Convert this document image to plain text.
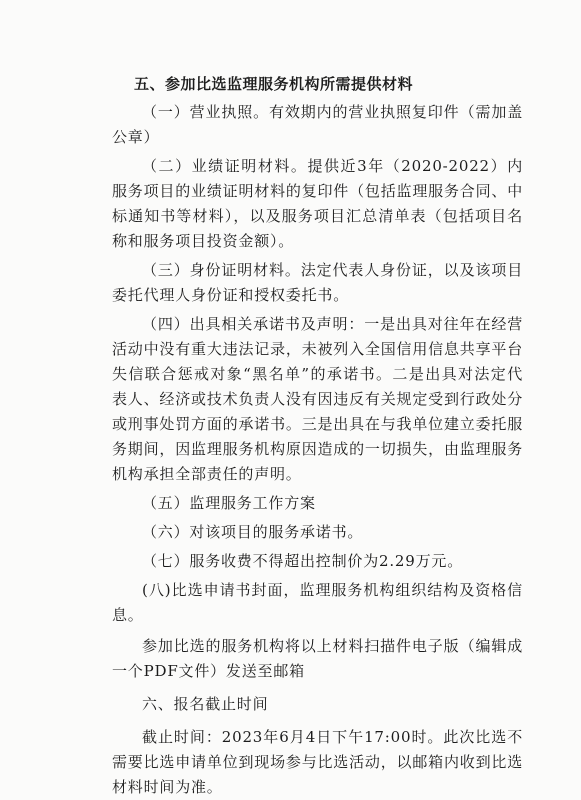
五、参加比选监理服务机构所需提供材料

（一）营业执照。有效期内的营业执照复印件（需加盖公章）

（二）业绩证明材料。提供近3年（2020-2022）内服务项目的业绩证明材料的复印件（包括监理服务合同、中标通知书等材料），以及服务项目汇总清单表（包括项目名称和服务项目投资金额）。

（三）身份证明材料。法定代表人身份证，以及该项目委托代理人身份证和授权委托书。

（四）出具相关承诺书及声明：一是出具对往年在经营活动中没有重大违法记录，未被列入全国信用信息共享平台失信联合惩戒对象“黑名单”的承诺书。二是出具对法定代表人、经济或技术负责人没有因违反有关规定受到行政处分或刑事处罚方面的承诺书。三是出具在与我单位建立委托服务期间，因监理服务机构原因造成的一切损失，由监理服务机构承担全部责任的声明。

（五）监理服务工作方案

（六）对该项目的服务承诺书。

（七）服务收费不得超出控制价为2.29万元。

(八)比选申请书封面，监理服务机构组织结构及资格信息。

参加比选的服务机构将以上材料扫描件电子版（编辑成一个PDF文件）发送至邮箱

六、报名截止时间

截止时间：2023年6月4日下午17:00时。此次比选不需要比选申请单位到现场参与比选活动，以邮箱内收到比选材料时间为准。
